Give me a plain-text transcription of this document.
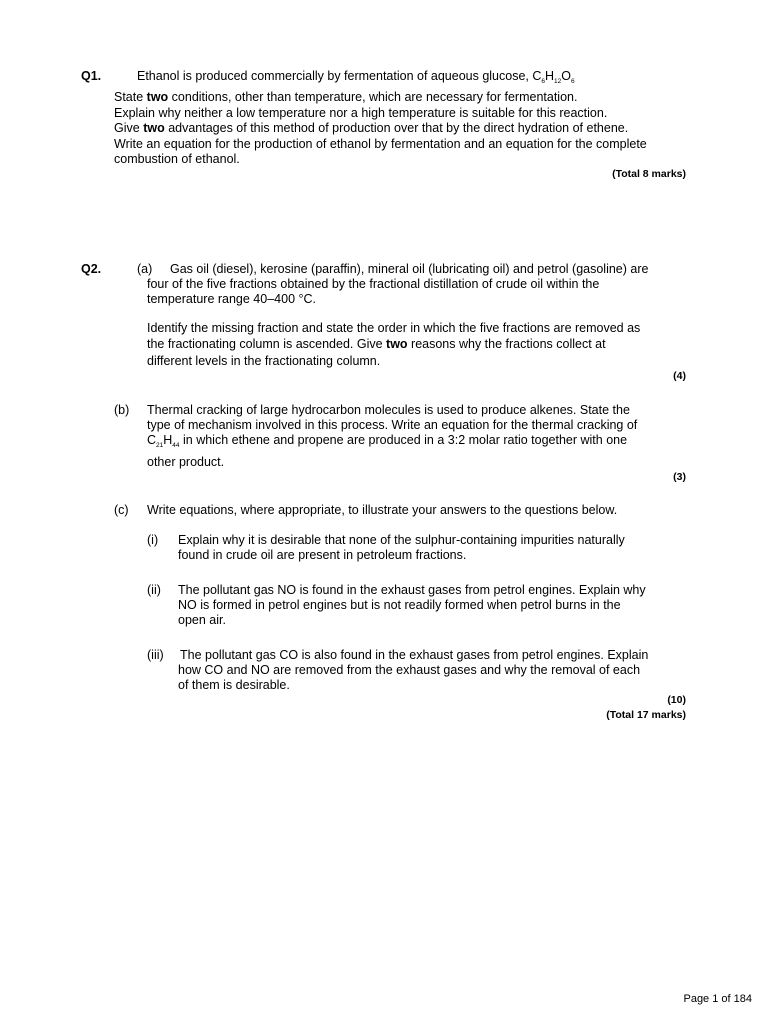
Q1.	Ethanol is produced commercially by fermentation of aqueous glucose, $C_6H_{12}O_6$
State two conditions, other than temperature, which are necessary for fermentation.
Explain why neither a low temperature nor a high temperature is suitable for this reaction.
Give two advantages of this method of production over that by the direct hydration of ethene.
Write an equation for the production of ethanol by fermentation and an equation for the complete
combustion of ethanol.
(Total 8 marks)
Q2.	(a) Gas oil (diesel), kerosine (paraffin), mineral oil (lubricating oil) and petrol (gasoline) are
four of the five fractions obtained by the fractional distillation of crude oil within the
temperature range 40–400 °C.
Identify the missing fraction and state the order in which the five fractions are removed as
the fractionating column is ascended. Give two reasons why the fractions collect at
different levels in the fractionating column.
(4)
(b) Thermal cracking of large hydrocarbon molecules is used to produce alkenes. State the
type of mechanism involved in this process. Write an equation for the thermal cracking of
$C_{21}H_{44}$ in which ethene and propene are produced in a 3:2 molar ratio together with one
other product.
(3)
(c) Write equations, where appropriate, to illustrate your answers to the questions below.
(i) Explain why it is desirable that none of the sulphur-containing impurities naturally
found in crude oil are present in petroleum fractions.
(ii) The pollutant gas NO is found in the exhaust gases from petrol engines. Explain why
NO is formed in petrol engines but is not readily formed when petrol burns in the
open air.
(iii) The pollutant gas CO is also found in the exhaust gases from petrol engines. Explain
how CO and NO are removed from the exhaust gases and why the removal of each
of them is desirable.
(10)
(Total 17 marks)
Page 1 of 184
